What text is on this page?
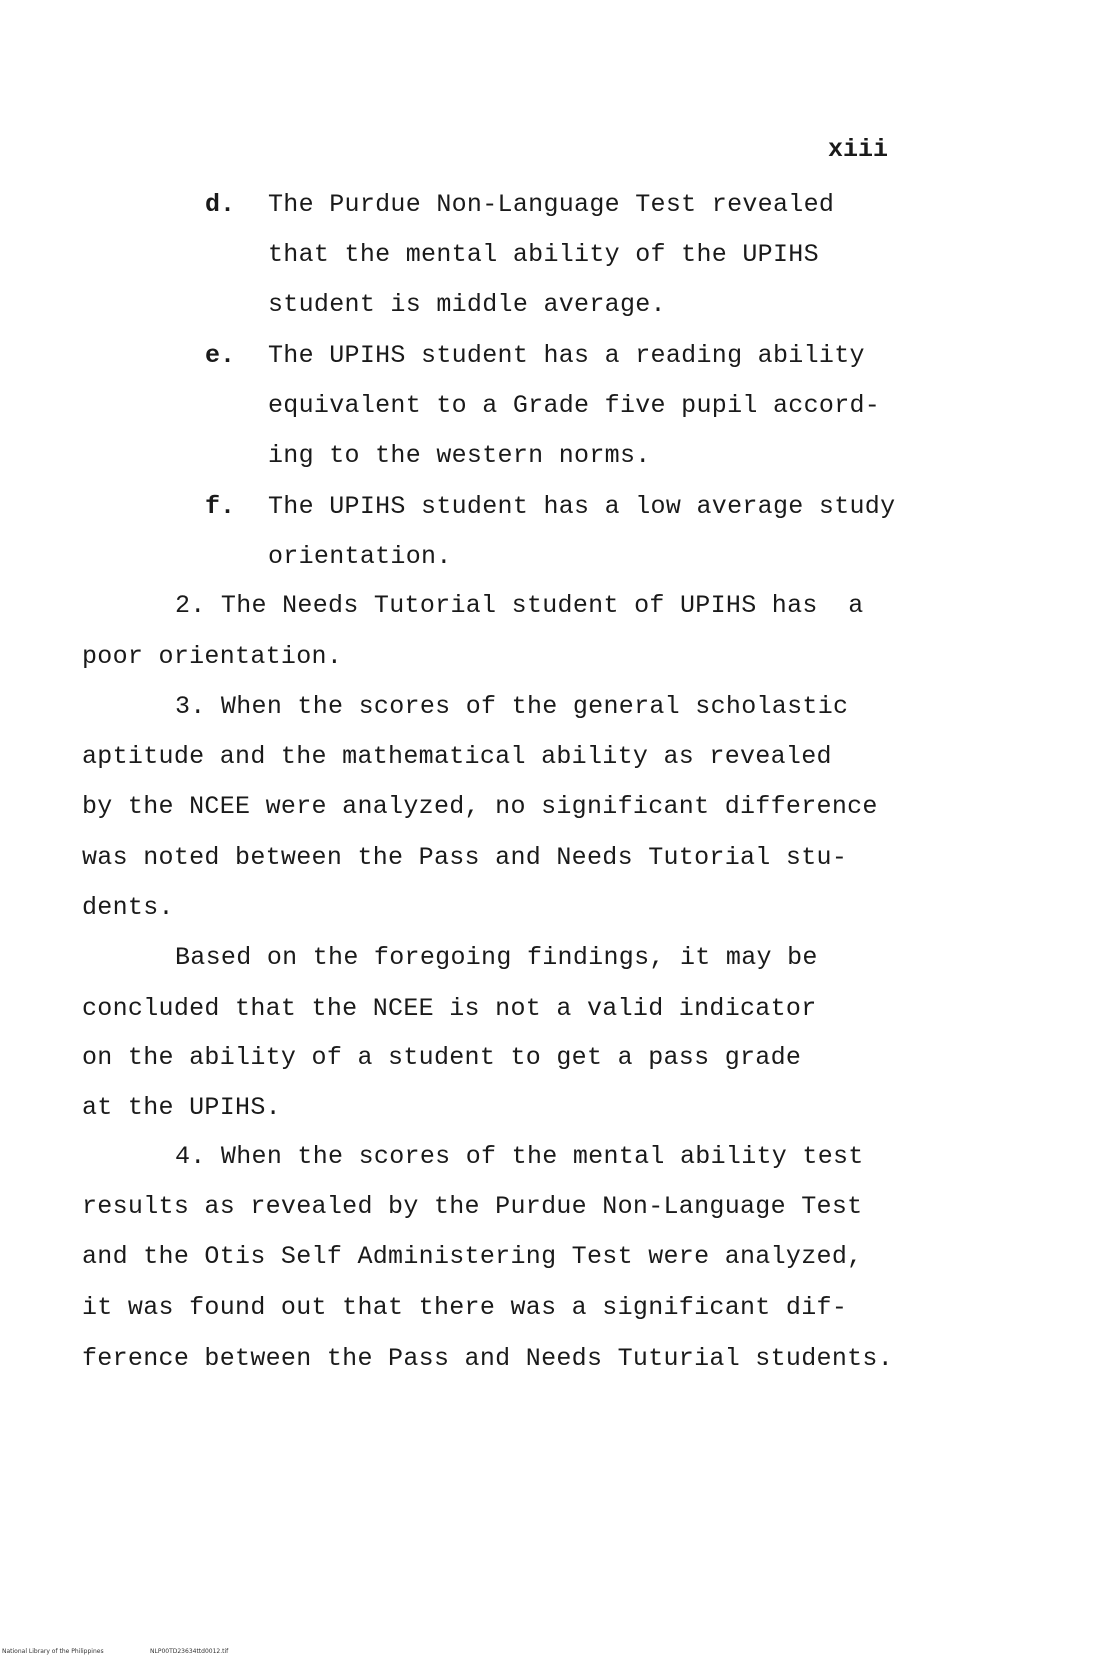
xiii
d. The Purdue Non-Language Test revealed
that the mental ability of the UPIHS
student is middle average.
e. The UPIHS student has a reading ability
equivalent to a Grade five pupil accord-
ing to the western norms.
f. The UPIHS student has a low average study
orientation.
2. The Needs Tutorial student of UPIHS has  a
poor orientation.
3. When the scores of the general scholastic
aptitude and the mathematical ability as revealed
by the NCEE were analyzed, no significant difference
was noted between the Pass and Needs Tutorial stu-
dents.
Based on the foregoing findings, it may be
concluded that the NCEE is not a valid indicator
on the ability of a student to get a pass grade
at the UPIHS.
4. When the scores of the mental ability test
results as revealed by the Purdue Non-Language Test
and the Otis Self Administering Test were analyzed,
it was found out that there was a significant dif-
ference between the Pass and Needs Tuturial students.
National Library of the Philippines	NLP00TD23634ttd0012.tif
